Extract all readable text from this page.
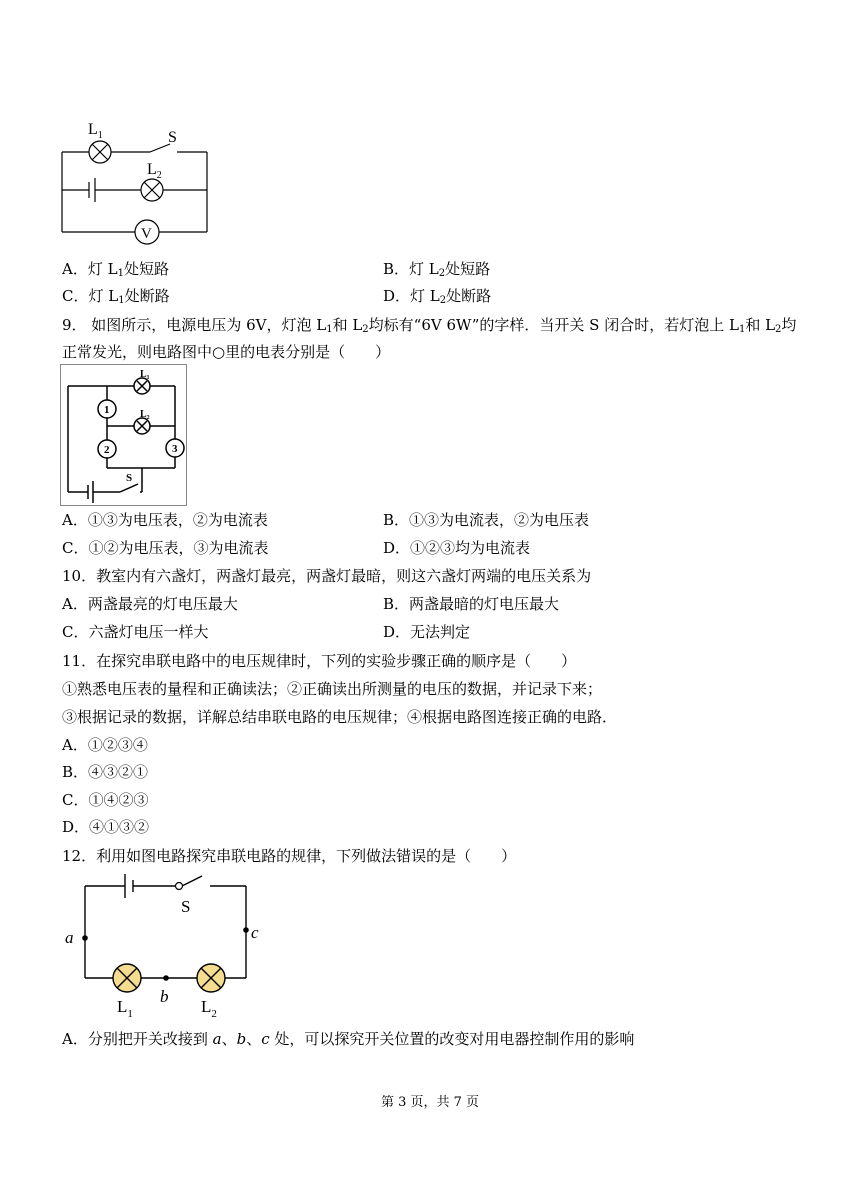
$L_1$	S
$L_2$
V
A．灯 $L_1$处短路	B．灯 $L_2$处短路
C．灯 $L_1$处断路	D．灯 $L_2$处断路
9． 如图所示，电源电压为 6V，灯泡 $L_1$和 $L_2$均标有“6V 6W”的字样．当开关 S 闭合时，若灯泡上 $L_1$和 $L_2$均
正常发光，则电路图中○里的电表分别是（　　）
L₁
L₂
1
2	3
S
A．①③为电压表，②为电流表	B．①③为电流表，②为电压表
C．①②为电压表，③为电流表	D．①②③均为电流表
10．教室内有六盏灯，两盏灯最亮，两盏灯最暗，则这六盏灯两端的电压关系为
A．两盏最亮的灯电压最大	B．两盏最暗的灯电压最大
C．六盏灯电压一样大	D．无法判定
11．在探究串联电路中的电压规律时，下列的实验步骤正确的顺序是（　　）
①熟悉电压表的量程和正确读法；②正确读出所测量的电压的数据，并记录下来；
③根据记录的数据，详解总结串联电路的电压规律；④根据电路图连接正确的电路．
A．①②③④
B．④③②①
C．①④②③
D．④①③②
12．利用如图电路探究串联电路的规律，下列做法错误的是（　　）
S
a	c
b
$L_1$	$L_2$
A．分别把开关改接到 a、b、c 处，可以探究开关位置的改变对用电器控制作用的影响
第 3 页，共 7 页
